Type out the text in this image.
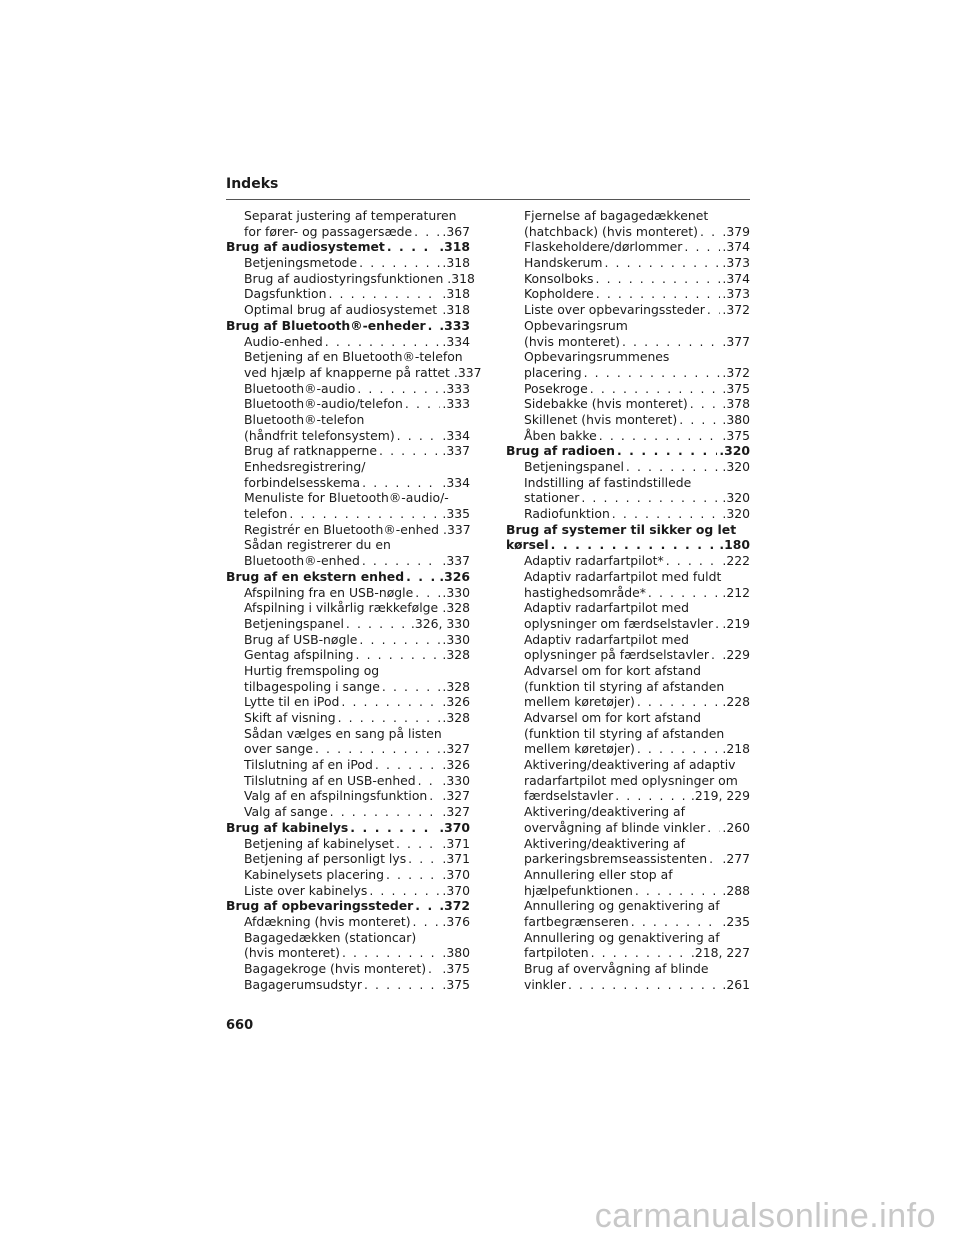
Indeks
Separat justering af temperaturen
for fører- og passagersæde . . . .367
Brug af audiosystemet . . .	.318
Betjeningsmetode . . .	.318
Brug af audiostyringsfunktionen .318
Dagsfunktion . . .	.318
Optimal brug af audiosystemet . . . .318
Brug af Bluetooth®-enheder . . . .333
Audio-enhed . . .	.334
Betjening af en Bluetooth®-telefon
ved hjælp af knapperne på rattet .337
Bluetooth®-audio . . .	.333
Bluetooth®-audio/telefon . . .	.333
Bluetooth®-telefon
(håndfrit telefonsystem) . . .	.334
Brug af ratknapperne . . .	.337
Enhedsregistrering/
forbindelsesskema . . .	.334
Menuliste for Bluetooth®-audio/-
telefon . . .	.335
Registrér en Bluetooth®-enhed .337
Sådan registrerer du en
Bluetooth®-enhed . . .	.337
Brug af en ekstern enhed . . .	.326
Afspilning fra en USB-nøgle . . . .330
Afspilning i vilkårlig rækkefølge . . . .328
Betjeningspanel . . .	.326, 330
Brug af USB-nøgle . . .	.330
Gentag afspilning . . .	.328
Hurtig fremspoling og
tilbagespoling i sange . . .	.328
Lytte til en iPod . . .	.326
Skift af visning . . .	.328
Sådan vælges en sang på listen
over sange . . .	.327
Tilslutning af en iPod . . .	.326
Tilslutning af en USB-enhed . . . .330
Valg af en afspilningsfunktion . . . .327
Valg af sange . . .	.327
Brug af kabinelys . . .	.370
Betjening af kabinelyset . . .	.371
Betjening af personligt lys . . .	.371
Kabinelysets placering . . .	.370
Liste over kabinelys . . .	.370
Brug af opbevaringssteder . . . .372
Afdækning (hvis monteret) . . .	.376
Bagagedækken (stationcar)
(hvis monteret) . . .	.380
Bagagekroge (hvis monteret) . . . .375
Bagagerumsudstyr . . .	.375
Fjernelse af bagagedækkenet
(hatchback) (hvis monteret) . . . .379
Flaskeholdere/dørlommer . . .	.374
Handskerum . . .	.373
Konsolboks . . .	.374
Kopholdere . . .	.373
Liste over opbevaringssteder . . . .372
Opbevaringsrum
(hvis monteret) . . .	.377
Opbevaringsrummenes
placering . . .	.372
Posekroge . . .	.375
Sidebakke (hvis monteret) . . .	.378
Skillenet (hvis monteret) . . .	.380
Åben bakke . . .	.375
Brug af radioen . . .	.320
Betjeningspanel . . .	.320
Indstilling af fastindstillede
stationer . . .	.320
Radiofunktion . . .	.320
Brug af systemer til sikker og let
kørsel . . .	.180
Adaptiv radarfartpilot* . . .	.222
Adaptiv radarfartpilot med fuldt
hastighedsområde* . . .	.212
Adaptiv radarfartpilot med
oplysninger om færdselstavler . . . .219
Adaptiv radarfartpilot med
oplysninger på færdselstavler . . . .229
Advarsel om for kort afstand
(funktion til styring af afstanden
mellem køretøjer) . . .	.228
Advarsel om for kort afstand
(funktion til styring af afstanden
mellem køretøjer) . . .	.218
Aktivering/deaktivering af adaptiv
radarfartpilot med oplysninger om
færdselstavler . . .	.219, 229
Aktivering/deaktivering af
overvågning af blinde vinkler . . . .260
Aktivering/deaktivering af
parkeringsbremseassistenten . . . .277
Annullering eller stop af
hjælpefunktionen . . .	.288
Annullering og genaktivering af
fartbegrænseren . . .	.235
Annullering og genaktivering af
fartpiloten . . .	.218, 227
Brug af overvågning af blinde
vinkler . . .	.261

660

carmanualsonline.info
